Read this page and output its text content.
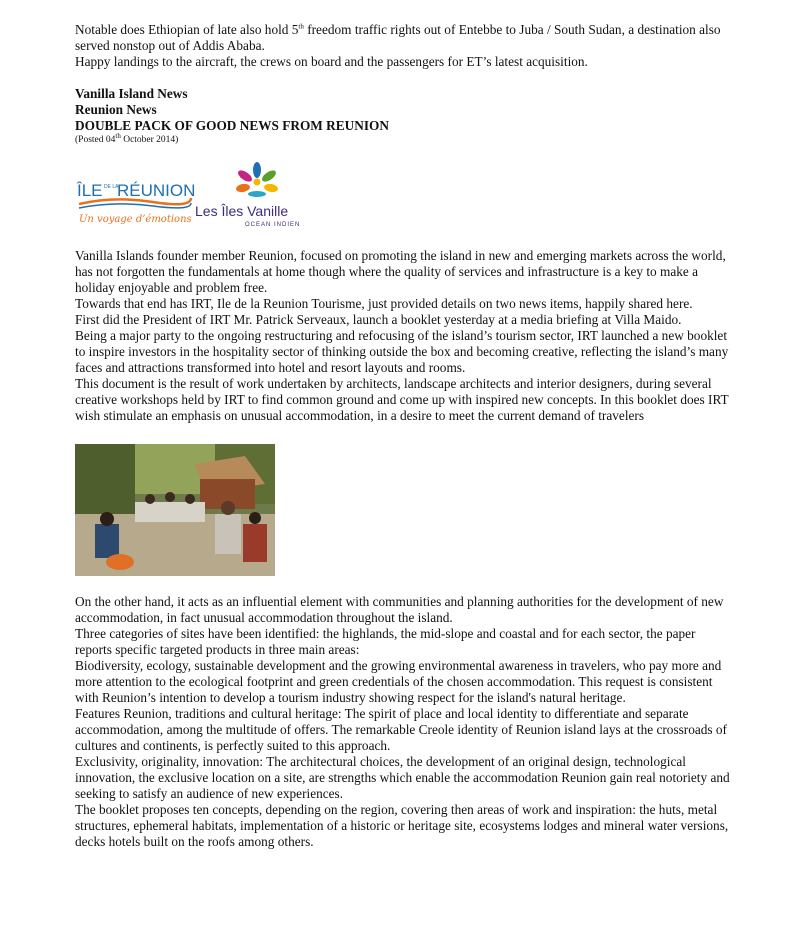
Notable does Ethiopian of late also hold 5th freedom traffic rights out of Entebbe to Juba / South Sudan, a destination also served nonstop out of Addis Ababa.

Happy landings to the aircraft, the crews on board and the passengers for ET’s latest acquisition.

Vanilla Island News

Reunion News

DOUBLE PACK OF GOOD NEWS FROM REUNION

(Posted 04th October 2014)

ÎLE DE LA
RÉUNION
Un voyage d’émotions
Les Îles Vanille
OCEAN INDIEN

Vanilla Islands founder member Reunion, focused on promoting the island in new and emerging markets across the world, has not forgotten the fundamentals at home though where the quality of services and infrastructure is a key to make a holiday enjoyable and problem free.

Towards that end has IRT, Ile de la Reunion Tourisme, just provided details on two news items, happily shared here.

First did the President of IRT Mr. Patrick Serveaux, launch a booklet yesterday at a media briefing at Villa Maido.

Being a major party to the ongoing restructuring and refocusing of the island’s tourism sector, IRT launched a new booklet to inspire investors in the hospitality sector of thinking outside the box and becoming creative, reflecting the island’s many faces and attractions transformed into hotel and resort layouts and rooms.

This document is the result of work undertaken by architects, landscape architects and interior designers, during several creative workshops held by IRT to find common ground and come up with inspired new concepts. In this booklet does IRT wish stimulate an emphasis on unusual accommodation, in a desire to meet the current demand of travelers

On the other hand, it acts as an influential element with communities and planning authorities for the development of new accommodation, in fact unusual accommodation throughout the island.

Three categories of sites have been identified: the highlands, the mid-slope and coastal and for each sector, the paper reports specific targeted products in three main areas:

Biodiversity, ecology, sustainable development and the growing environmental awareness in travelers, who pay more and more attention to the ecological footprint and green credentials of the chosen accommodation. This request is consistent with Reunion’s intention to develop a tourism industry showing respect for the island's natural heritage.

Features Reunion, traditions and cultural heritage: The spirit of place and local identity to differentiate and separate accommodation, among the multitude of offers. The remarkable Creole identity of Reunion island lays at the crossroads of cultures and continents, is perfectly suited to this approach.

Exclusivity, originality, innovation: The architectural choices, the development of an original design, technological innovation, the exclusive location on a site, are strengths which enable the accommodation Reunion gain real notoriety and seeking to satisfy an audience of new experiences.

The booklet proposes ten concepts, depending on the region, covering then areas of work and inspiration: the huts, metal structures, ephemeral habitats, implementation of a historic or heritage site, ecosystems lodges and mineral water versions, decks hotels built on the roofs among others.
